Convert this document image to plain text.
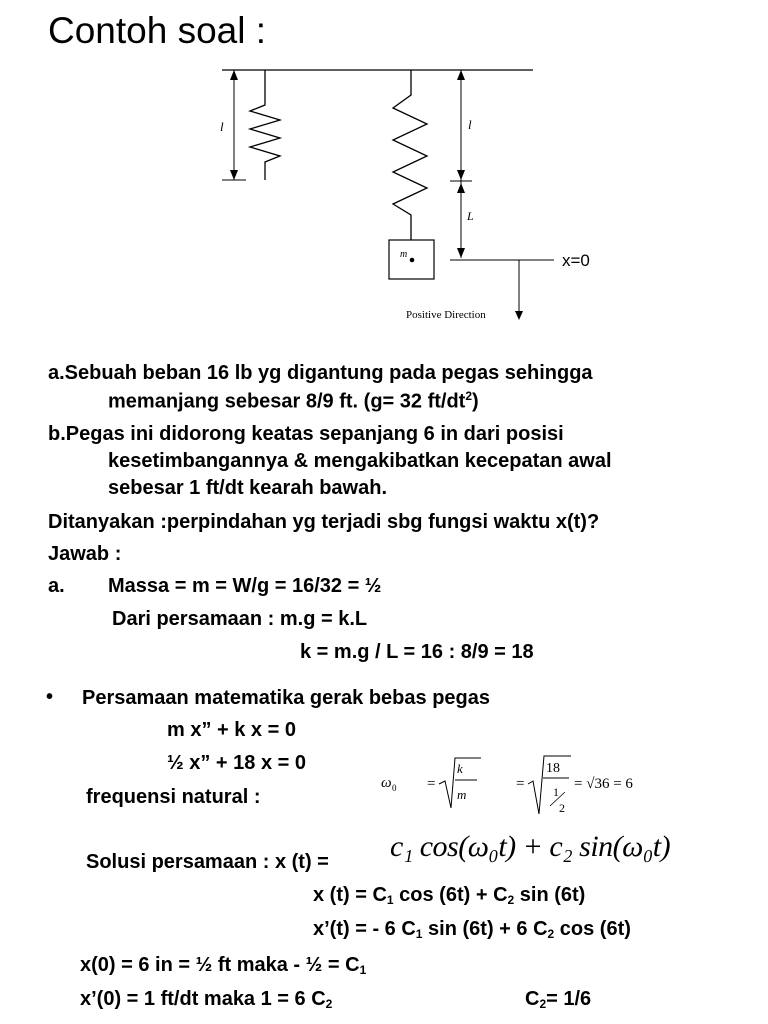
Contoh soal :
l
m
l
L
x=0
Positive Direction
a.Sebuah beban 16 lb yg digantung pada pegas sehingga
memanjang sebesar 8/9 ft. (g= 32 $ft/dt^2$)
b.Pegas ini didorong keatas sepanjang 6 in dari posisi
kesetimbangannya & mengakibatkan kecepatan awal
sebesar 1 ft/dt kearah bawah.
Ditanyakan :perpindahan yg terjadi sbg fungsi waktu x(t)?
Jawab :
a. Massa = m = W/g = 16/32 = ½
Dari persamaan : m.g = k.L
k = m.g / L = 16 : 8/9 = 18
• Persamaan matematika gerak bebas pegas
m x” + k x = 0
½ x” + 18 x = 0
frequensi natural :
ω 0 =
k
m
=
18
1
2
= √36 = 6
Solusi persamaan : x (t) = c₁ cos(ω₀t) + c₂ sin(ω₀t)
x $(t) = C_1$ $\cos (6t) + C_2$ sin (6t)
x’(t) = - 6 $C_1$ sin (6t) + 6 $C_2$ cos (6t)
x(0) = 6 in = ½ ft maka - ½ = $C_1$
x’(0) = 1 ft/dt maka 1 = 6 $C_2$	$C_2= 1/6$
